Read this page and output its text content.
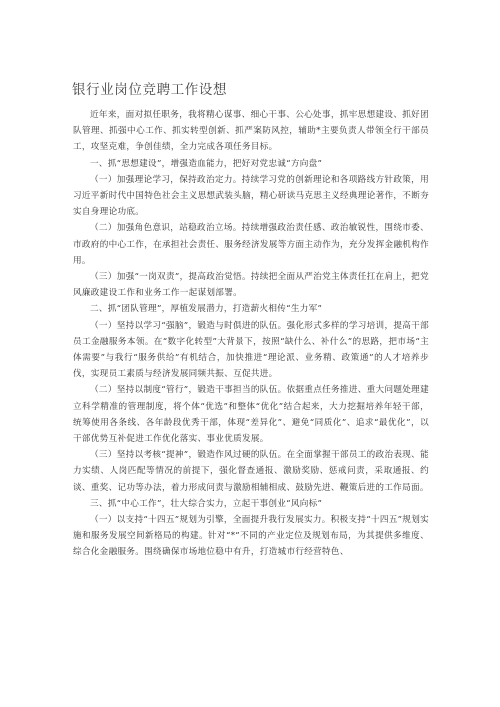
银行业岗位竞聘工作设想

近年来，面对拟任职务，我将精心谋事、细心干事、公心处事，抓牢思想建设、抓好团队管理、抓强中心工作、抓实转型创新、抓严案防风控，辅助*主要负责人带领全行干部员工，攻坚克难，争创佳绩，全力完成各项任务目标。

一、抓“思想建设”，增强造血能力，把好对党忠诚“方向盘”

（一）加强理论学习，保持政治定力。持续学习党的创新理论和各项路线方针政策，用习近平新时代中国特色社会主义思想武装头脑，精心研读马克思主义经典理论著作，不断夯实自身理论功底。

（二）加强角色意识，站稳政治立场。持续增强政治责任感、政治敏锐性，围绕市委、市政府的中心工作，在承担社会责任、服务经济发展等方面主动作为，充分发挥金融机构作用。

（三）加强“一岗双责”，提高政治觉悟。持续把全面从严治党主体责任扛在肩上，把党风廉政建设工作和业务工作一起谋划部署。

二、抓“团队管理”，厚植发展潜力，打造薪火相传“生力军”

（一）坚持以学习“强脑”，锻造与时俱进的队伍。强化形式多样的学习培训，提高干部员工金融服务本领。在“数字化转型”大背景下，按照“缺什么、补什么”的思路，把市场“主体需要”与我行“服务供给”有机结合，加快推进“理论派、业务精、政策通”的人才培养步伐，实现员工素质与经济发展同频共振、互促共进。

（二）坚持以制度“管行”，锻造干事担当的队伍。依据重点任务推进、重大问题处理建立科学精准的管理制度，将个体“优选”和整体“优化”结合起来，大力挖掘培养年轻干部，统筹使用各条线、各年龄段优秀干部，体现“差异化”、避免“同质化”、追求“最优化”，以干部优势互补促进工作优化落实、事业优质发展。

（三）坚持以考核“提神”，锻造作风过硬的队伍。在全面掌握干部员工的政治表现、能力实绩、人岗匹配等情况的前提下，强化督查通报、激励奖励、惩戒问责，采取通报、约谈、重奖、记功等办法，着力形成问责与激励相辅相成、鼓励先进、鞭策后进的工作局面。

三、抓“中心工作”，壮大综合实力，立起干事创业“风向标”

（一）以支持“十四五”规划为引擎，全面提升我行发展实力。积极支持“十四五”规划实施和服务发展空间新格局的构建。针对“*”不同的产业定位及规划布局，为其提供多维度、综合化金融服务。围绕确保市场地位稳中有升，打造城市行经营特色、
